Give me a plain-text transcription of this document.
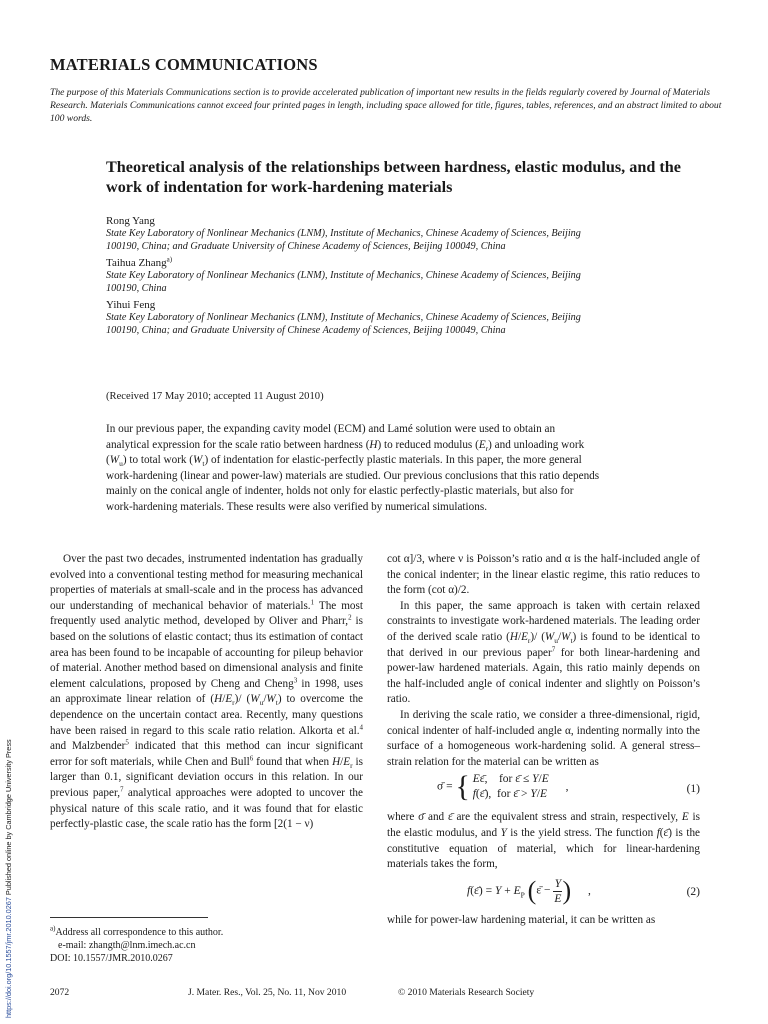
MATERIALS COMMUNICATIONS
The purpose of this Materials Communications section is to provide accelerated publication of important new results in the fields regularly covered by Journal of Materials Research. Materials Communications cannot exceed four printed pages in length, including space allowed for title, figures, tables, references, and an abstract limited to about 100 words.
Theoretical analysis of the relationships between hardness, elastic modulus, and the work of indentation for work-hardening materials
Rong Yang
State Key Laboratory of Nonlinear Mechanics (LNM), Institute of Mechanics, Chinese Academy of Sciences, Beijing 100190, China; and Graduate University of Chinese Academy of Sciences, Beijing 100049, China
Taihua Zhang$^{a)}$
State Key Laboratory of Nonlinear Mechanics (LNM), Institute of Mechanics, Chinese Academy of Sciences, Beijing 100190, China
Yihui Feng
State Key Laboratory of Nonlinear Mechanics (LNM), Institute of Mechanics, Chinese Academy of Sciences, Beijing 100190, China; and Graduate University of Chinese Academy of Sciences, Beijing 100049, China
(Received 17 May 2010; accepted 11 August 2010)
In our previous paper, the expanding cavity model (ECM) and Lamé solution were used to obtain an analytical expression for the scale ratio between hardness (H) to reduced modulus $(E_r)$ and unloading work $(W_u)$ to total work $(W_t)$ of indentation for elastic-perfectly plastic materials. In this paper, the more general work-hardening (linear and power-law) materials are studied. Our previous conclusions that this ratio depends mainly on the conical angle of indenter, holds not only for elastic perfectly-plastic materials, but also for work-hardening materials. These results were also verified by numerical simulations.

Over the past two decades, instrumented indentation has gradually evolved into a conventional testing method for measuring mechanical properties of materials at small-scale and in the process has advanced our understanding of mechanical behavior of materials.$^1$ The most frequently used analytic method, developed by Oliver and Pharr,$^2$ is based on the solutions of elastic contact; thus its estimation of contact area has been found to be incapable of accounting for pileup behavior of material. Another method based on dimensional analysis and finite element calculations, proposed by Cheng and Cheng$^3$ in 1998, uses an approximate linear relation of $(H/E_r)/$ $(W_u/W_t)$ to overcome the dependence on the uncertain contact area. Recently, many questions have been raised in regard to this scale ratio relation. Alkorta et al.$^4$ and Malzbender$^5$ indicated that this method can incur significant error for soft materials, while Chen and Bull$^6$ found that when $H/E_r$ is larger than 0.1, significant deviation occurs in this relation. In our previous paper,$^7$ analytical approaches were adopted to uncover the physical nature of this scale ratio, and it was found that for elastic perfectly-plastic case, the scale ratio has the form [2(1 − ν)

cot α]/3, where ν is Poisson’s ratio and α is the half-included angle of the conical indenter; in the linear elastic regime, this ratio reduces to the form (cot α)/2.

In this paper, the same approach is taken with certain relaxed constraints to investigate work-hardened materials. The leading order of the derived scale ratio $(H/E_r)/$ $(W_u/W_t)$ is found to be identical to that derived in our previous paper$^7$ for both linear-hardening and power-law hardened materials. Again, this ratio mainly depends on the half-included angle of conical indenter and slightly on Poisson’s ratio.

In deriving the scale ratio, we consider a three-dimensional, rigid, conical indenter of half-included angle α, indenting normally into the surface of a homogeneous work-hardening solid. A general stress–strain relation for the material can be written as

σ̄ = { Eε̄,    for ε̄ ≤ Y/E
f(ε̄),  for ε̄ > Y/E ,	(1)

where σ̄ and ε̄ are the equivalent stress and strain, respectively, E is the elastic modulus, and Y is the yield stress. The function f(ε̄) is the constitutive equation of material, which for linear-hardening materials takes the form,

f(ε̄) = $Y + E_P$ (ε̄ − $\frac{Y}{E}$) ,	(2)

while for power-law hardening material, it can be written as

$^{a)}$Address all correspondence to this author.
e-mail: zhangth@lnm.imech.ac.cn
DOI: 10.1557/JMR.2010.0267
2072	J. Mater. Res., Vol. 25, No. 11, Nov 2010	© 2010 Materials Research Society
https://doi.org/10.1557/jmr.2010.0267 Published online by Cambridge University Press
